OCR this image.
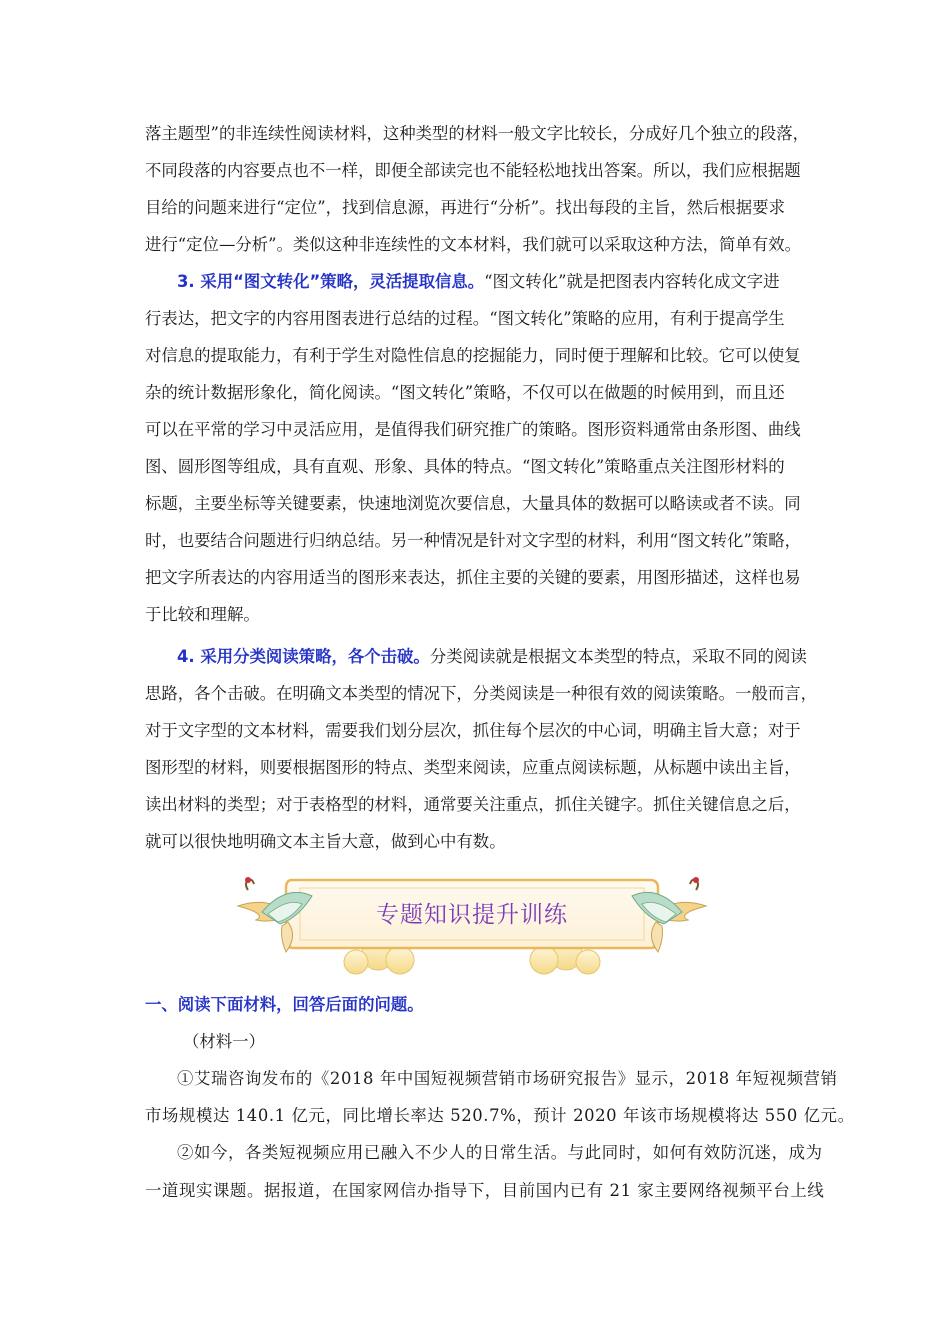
落主题型”的非连续性阅读材料，这种类型的材料一般文字比较长，分成好几个独立的段落，
不同段落的内容要点也不一样，即便全部读完也不能轻松地找出答案。所以，我们应根据题
目给的问题来进行“定位”，找到信息源，再进行“分析”。找出每段的主旨，然后根据要求
进行“定位—分析”。类似这种非连续性的文本材料，我们就可以采取这种方法，简单有效。
3. 采用“图文转化”策略，灵活提取信息。“图文转化”就是把图表内容转化成文字进
行表达，把文字的内容用图表进行总结的过程。“图文转化”策略的应用，有利于提高学生
对信息的提取能力，有利于学生对隐性信息的挖掘能力，同时便于理解和比较。它可以使复
杂的统计数据形象化，简化阅读。“图文转化”策略，不仅可以在做题的时候用到，而且还
可以在平常的学习中灵活应用，是值得我们研究推广的策略。图形资料通常由条形图、曲线
图、圆形图等组成，具有直观、形象、具体的特点。“图文转化”策略重点关注图形材料的
标题，主要坐标等关键要素，快速地浏览次要信息，大量具体的数据可以略读或者不读。同
时，也要结合问题进行归纳总结。另一种情况是针对文字型的材料，利用“图文转化”策略，
把文字所表达的内容用适当的图形来表达，抓住主要的关键的要素，用图形描述，这样也易
于比较和理解。
4. 采用分类阅读策略，各个击破。分类阅读就是根据文本类型的特点，采取不同的阅读
思路，各个击破。在明确文本类型的情况下，分类阅读是一种很有效的阅读策略。一般而言，
对于文字型的文本材料，需要我们划分层次，抓住每个层次的中心词，明确主旨大意；对于
图形型的材料，则要根据图形的特点、类型来阅读，应重点阅读标题，从标题中读出主旨，
读出材料的类型；对于表格型的材料，通常要关注重点，抓住关键字。抓住关键信息之后，
就可以很快地明确文本主旨大意，做到心中有数。
专题知识提升训练
一、阅读下面材料，回答后面的问题。
（材料一）
①艾瑞咨询发布的《2018 年中国短视频营销市场研究报告》显示，2018 年短视频营销
市场规模达 140.1 亿元，同比增长率达 520.7%，预计 2020 年该市场规模将达 550 亿元。
②如今，各类短视频应用已融入不少人的日常生活。与此同时，如何有效防沉迷，成为
一道现实课题。据报道，在国家网信办指导下，目前国内已有 21 家主要网络视频平台上线
